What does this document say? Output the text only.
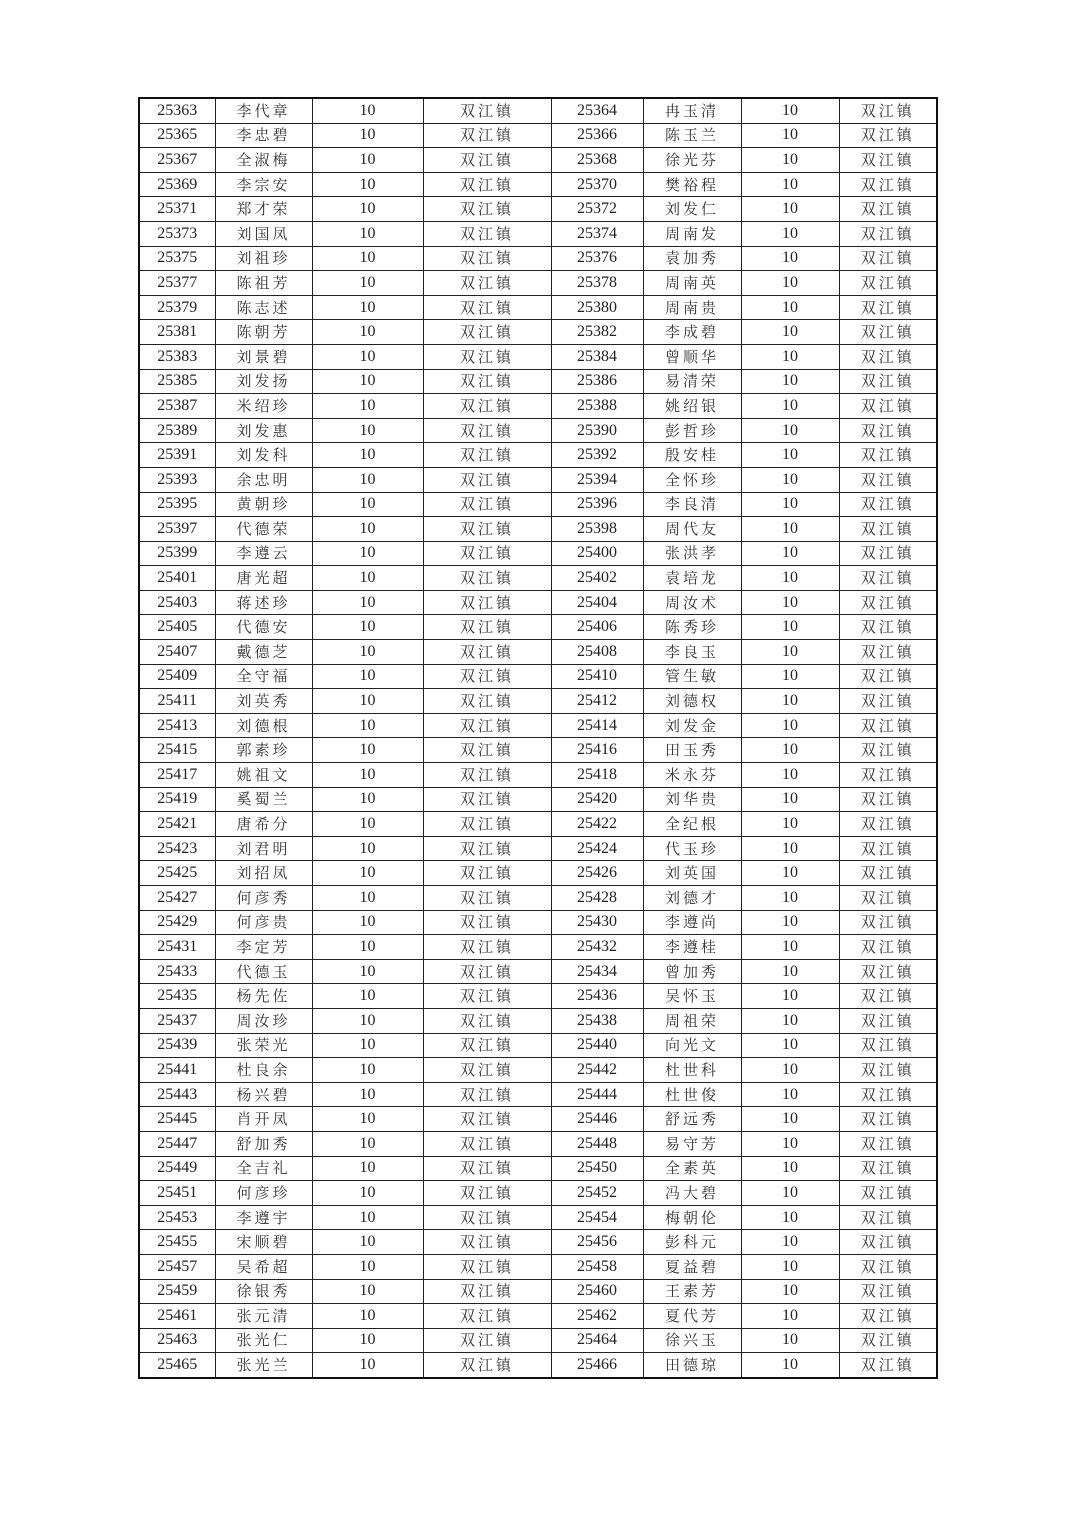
25363	李代章	10	双江镇	25364	冉玉清	10	双江镇
25365	李忠碧	10	双江镇	25366	陈玉兰	10	双江镇
25367	全淑梅	10	双江镇	25368	徐光芬	10	双江镇
25369	李宗安	10	双江镇	25370	樊裕程	10	双江镇
25371	郑才荣	10	双江镇	25372	刘发仁	10	双江镇
25373	刘国凤	10	双江镇	25374	周南发	10	双江镇
25375	刘祖珍	10	双江镇	25376	袁加秀	10	双江镇
25377	陈祖芳	10	双江镇	25378	周南英	10	双江镇
25379	陈志述	10	双江镇	25380	周南贵	10	双江镇
25381	陈朝芳	10	双江镇	25382	李成碧	10	双江镇
25383	刘景碧	10	双江镇	25384	曾顺华	10	双江镇
25385	刘发扬	10	双江镇	25386	易清荣	10	双江镇
25387	米绍珍	10	双江镇	25388	姚绍银	10	双江镇
25389	刘发惠	10	双江镇	25390	彭哲珍	10	双江镇
25391	刘发科	10	双江镇	25392	殷安桂	10	双江镇
25393	余忠明	10	双江镇	25394	全怀珍	10	双江镇
25395	黄朝珍	10	双江镇	25396	李良清	10	双江镇
25397	代德荣	10	双江镇	25398	周代友	10	双江镇
25399	李遵云	10	双江镇	25400	张洪孝	10	双江镇
25401	唐光超	10	双江镇	25402	袁培龙	10	双江镇
25403	蒋述珍	10	双江镇	25404	周汝术	10	双江镇
25405	代德安	10	双江镇	25406	陈秀珍	10	双江镇
25407	戴德芝	10	双江镇	25408	李良玉	10	双江镇
25409	全守福	10	双江镇	25410	管生敏	10	双江镇
25411	刘英秀	10	双江镇	25412	刘德权	10	双江镇
25413	刘德根	10	双江镇	25414	刘发金	10	双江镇
25415	郭素珍	10	双江镇	25416	田玉秀	10	双江镇
25417	姚祖文	10	双江镇	25418	米永芬	10	双江镇
25419	奚蜀兰	10	双江镇	25420	刘华贵	10	双江镇
25421	唐希分	10	双江镇	25422	全纪根	10	双江镇
25423	刘君明	10	双江镇	25424	代玉珍	10	双江镇
25425	刘招凤	10	双江镇	25426	刘英国	10	双江镇
25427	何彦秀	10	双江镇	25428	刘德才	10	双江镇
25429	何彦贵	10	双江镇	25430	李遵尚	10	双江镇
25431	李定芳	10	双江镇	25432	李遵桂	10	双江镇
25433	代德玉	10	双江镇	25434	曾加秀	10	双江镇
25435	杨先佐	10	双江镇	25436	吴怀玉	10	双江镇
25437	周汝珍	10	双江镇	25438	周祖荣	10	双江镇
25439	张荣光	10	双江镇	25440	向光文	10	双江镇
25441	杜良余	10	双江镇	25442	杜世科	10	双江镇
25443	杨兴碧	10	双江镇	25444	杜世俊	10	双江镇
25445	肖开凤	10	双江镇	25446	舒远秀	10	双江镇
25447	舒加秀	10	双江镇	25448	易守芳	10	双江镇
25449	全吉礼	10	双江镇	25450	全素英	10	双江镇
25451	何彦珍	10	双江镇	25452	冯大碧	10	双江镇
25453	李遵宇	10	双江镇	25454	梅朝伦	10	双江镇
25455	宋顺碧	10	双江镇	25456	彭科元	10	双江镇
25457	吴希超	10	双江镇	25458	夏益碧	10	双江镇
25459	徐银秀	10	双江镇	25460	王素芳	10	双江镇
25461	张元清	10	双江镇	25462	夏代芳	10	双江镇
25463	张光仁	10	双江镇	25464	徐兴玉	10	双江镇
25465	张光兰	10	双江镇	25466	田德琼	10	双江镇
